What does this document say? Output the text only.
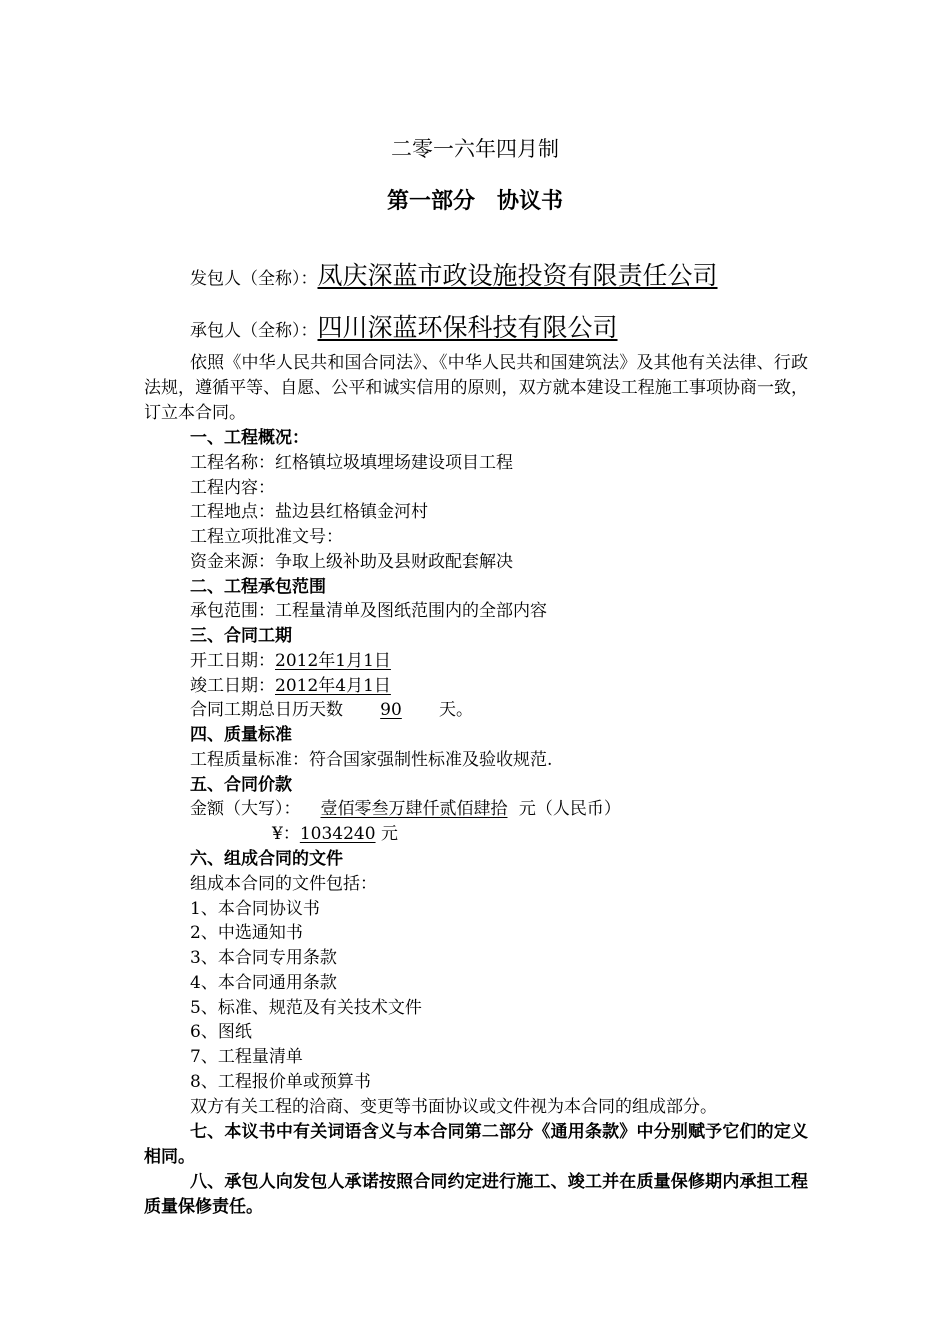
二零一六年四月制
第一部分　协议书
发包人（全称）：凤庆深蓝市政设施投资有限责任公司
承包人（全称）：四川深蓝环保科技有限公司
依照《中华人民共和国合同法》、《中华人民共和国建筑法》及其他有关法律、行政法规，遵循平等、自愿、公平和诚实信用的原则，双方就本建设工程施工事项协商一致，订立本合同。
一、工程概况：
工程名称：红格镇垃圾填埋场建设项目工程
工程内容：
工程地点：盐边县红格镇金河村
工程立项批准文号：
资金来源：争取上级补助及县财政配套解决
二、工程承包范围
承包范围：工程量清单及图纸范围内的全部内容
三、合同工期
开工日期：2012年1月1日
竣工日期：2012年4月1日
合同工期总日历天数 90 天。
四、质量标准
工程质量标准：符合国家强制性标准及验收规范.
五、合同价款
金额（大写）： 壹佰零叁万肆仟贰佰肆拾 元（人民币）
¥：1034240 元
六、组成合同的文件
组成本合同的文件包括：
1、本合同协议书
2、中选通知书
3、本合同专用条款
4、本合同通用条款
5、标准、规范及有关技术文件
6、图纸
7、工程量清单
8、工程报价单或预算书
双方有关工程的洽商、变更等书面协议或文件视为本合同的组成部分。
七、本议书中有关词语含义与本合同第二部分《通用条款》中分别赋予它们的定义相同。
八、承包人向发包人承诺按照合同约定进行施工、竣工并在质量保修期内承担工程质量保修责任。
